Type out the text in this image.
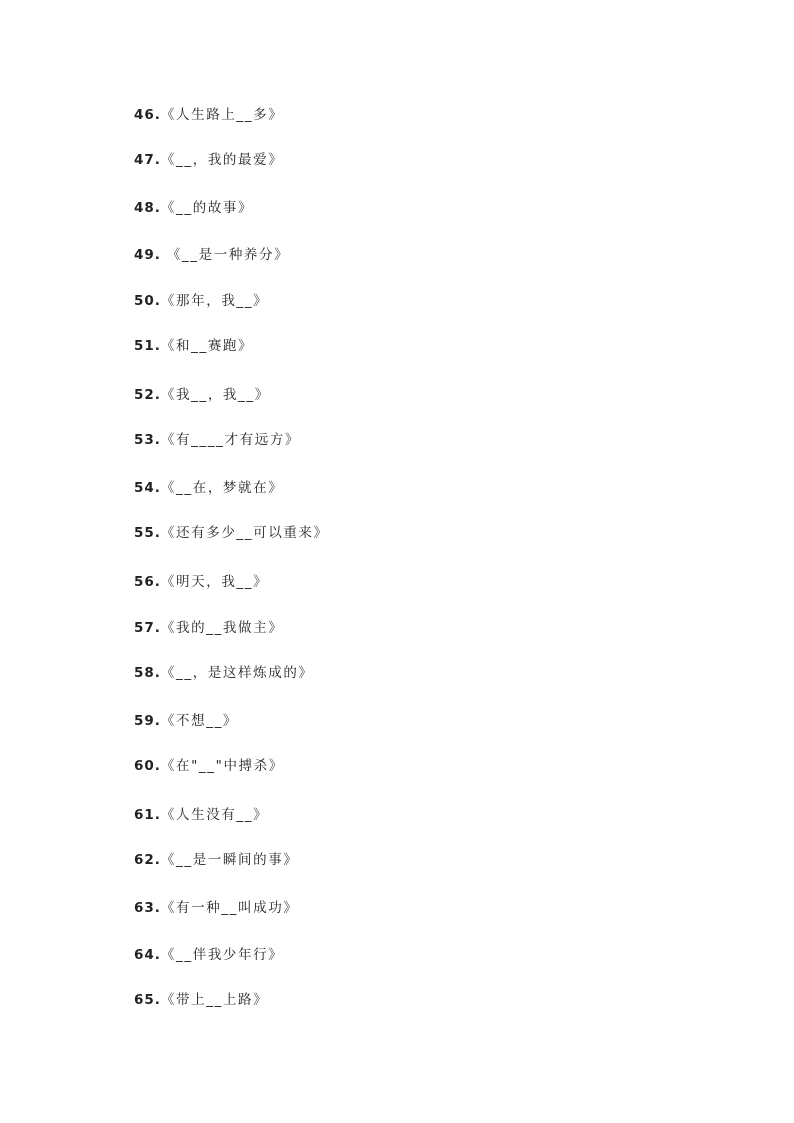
46.《人生路上__多》
47.《__，我的最爱》
48.《__的故事》
49. 《__是一种养分》
50.《那年，我__》
51.《和__赛跑》
52.《我__，我__》
53.《有____才有远方》
54.《__在，梦就在》
55.《还有多少__可以重来》
56.《明天，我__》
57.《我的__我做主》
58.《__，是这样炼成的》
59.《不想__》
60.《在"__"中搏杀》
61.《人生没有__》
62.《__是一瞬间的事》
63.《有一种__叫成功》
64.《__伴我少年行》
65.《带上__上路》
